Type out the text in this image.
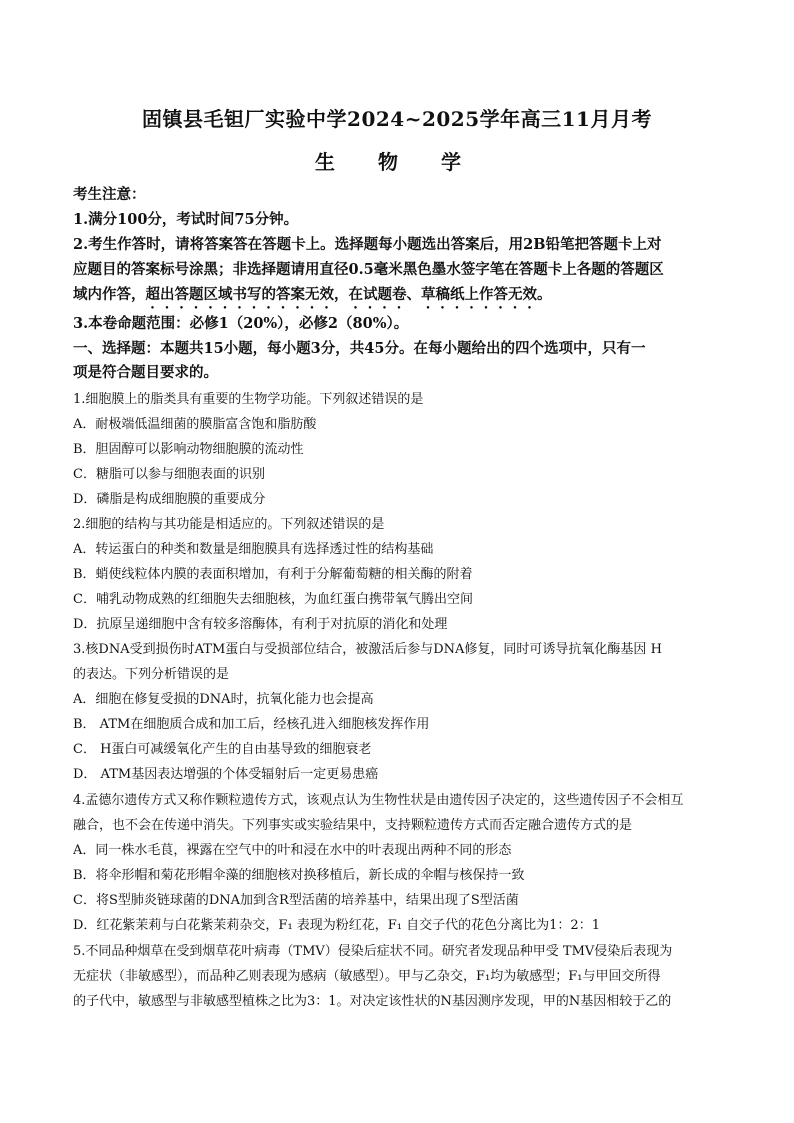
固镇县毛钽厂实验中学2024~2025学年高三11月月考
生 物 学
考生注意：
1.满分100分，考试时间75分钟。
2.考生作答时，请将答案答在答题卡上。选择题每小题选出答案后，用2B铅笔把答题卡上对
应题目的答案标号涂黑；非选择题请用直径0.5毫米黑色墨水签字笔在答题卡上各题的答题区
域内作答，超出答题区域书写的答案无效，在试题卷、草稿纸上作答无效。
3.本卷命题范围：必修1（20%），必修2（80%）。
一、选择题：本题共15小题，每小题3分，共45分。在每小题给出的四个选项中，只有一
项是符合题目要求的。
1.细胞膜上的脂类具有重要的生物学功能。下列叙述错误的是
A．耐极端低温细菌的膜脂富含饱和脂肪酸
B．胆固醇可以影响动物细胞膜的流动性
C．糖脂可以参与细胞表面的识别
D．磷脂是构成细胞膜的重要成分
2.细胞的结构与其功能是相适应的。下列叙述错误的是
A．转运蛋白的种类和数量是细胞膜具有选择透过性的结构基础
B．蛸使线粒体内膜的表面积增加，有利于分解葡萄糖的相关酶的附着
C．哺乳动物成熟的红细胞失去细胞核，为血红蛋白携带氧气腾出空间
D．抗原呈递细胞中含有较多溶酶体，有利于对抗原的消化和处理
3.核DNA受到损伤时ATM蛋白与受损部位结合，被激活后参与DNA修复，同时可诱导抗氧化酶基因 H
的表达。下列分析错误的是
A．细胞在修复受损的DNA时，抗氧化能力也会提高
B． ATM在细胞质合成和加工后，经核孔进入细胞核发挥作用
C． H蛋白可减缓氧化产生的自由基导致的细胞衰老
D． ATM基因表达增强的个体受辐射后一定更易患癌
4.孟德尔遗传方式又称作颗粒遗传方式，该观点认为生物性状是由遗传因子决定的，这些遗传因子不会相互
融合，也不会在传递中消失。下列事实或实验结果中，支持颗粒遗传方式而否定融合遗传方式的是
A．同一株水毛茛，裸露在空气中的叶和浸在水中的叶表现出两种不同的形态
B．将伞形帽和菊花形帽伞藻的细胞核对换移植后，新长成的伞帽与核保持一致
C．将S型肺炎链球菌的DNA加到含R型活菌的培养基中，结果出现了S型活菌
D．红花紫茉莉与白花紫茉莉杂交，F₁ 表现为粉红花，F₁ 自交子代的花色分离比为1：2：1
5.不同品种烟草在受到烟草花叶病毒（TMV）侵染后症状不同。研究者发现品种甲受 TMV侵染后表现为
无症状（非敏感型），而品种乙则表现为感病（敏感型）。甲与乙杂交，F₁均为敏感型；F₁与甲回交所得
的子代中，敏感型与非敏感型植株之比为3：1。对决定该性状的N基因测序发现，甲的N基因相较于乙的
